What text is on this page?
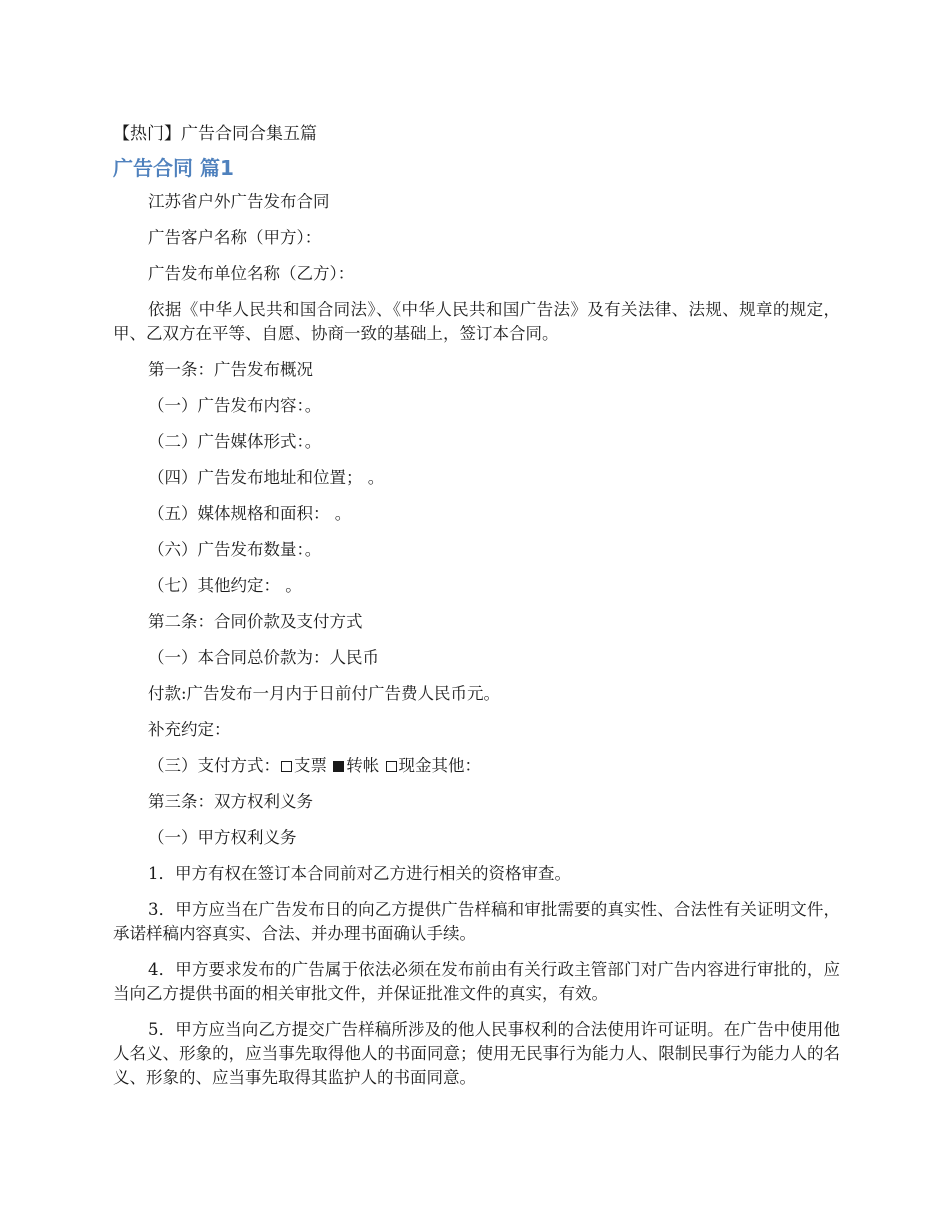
【热门】广告合同合集五篇
广告合同 篇1
江苏省户外广告发布合同
广告客户名称（甲方）：
广告发布单位名称（乙方）：
依据《中华人民共和国合同法》、《中华人民共和国广告法》及有关法律、法规、规章的规定，甲、乙双方在平等、自愿、协商一致的基础上，签订本合同。
第一条：广告发布概况
（一）广告发布内容：。
（二）广告媒体形式：。
（四）广告发布地址和位置； 。
（五）媒体规格和面积： 。
（六）广告发布数量：。
（七）其他约定： 。
第二条：合同价款及支付方式
（一）本合同总价款为：人民币
付款:广告发布一月内于日前付广告费人民币元。
补充约定：
（三）支付方式： 支票 转帐 现金其他：
第三条：双方权利义务
（一）甲方权利义务
1．甲方有权在签订本合同前对乙方进行相关的资格审查。
3．甲方应当在广告发布日的向乙方提供广告样稿和审批需要的真实性、合法性有关证明文件，承诺样稿内容真实、合法、并办理书面确认手续。
4．甲方要求发布的广告属于依法必须在发布前由有关行政主管部门对广告内容进行审批的，应当向乙方提供书面的相关审批文件，并保证批准文件的真实，有效。
5．甲方应当向乙方提交广告样稿所涉及的他人民事权利的合法使用许可证明。在广告中使用他人名义、形象的，应当事先取得他人的书面同意；使用无民事行为能力人、限制民事行为能力人的名义、形象的、应当事先取得其监护人的书面同意。
